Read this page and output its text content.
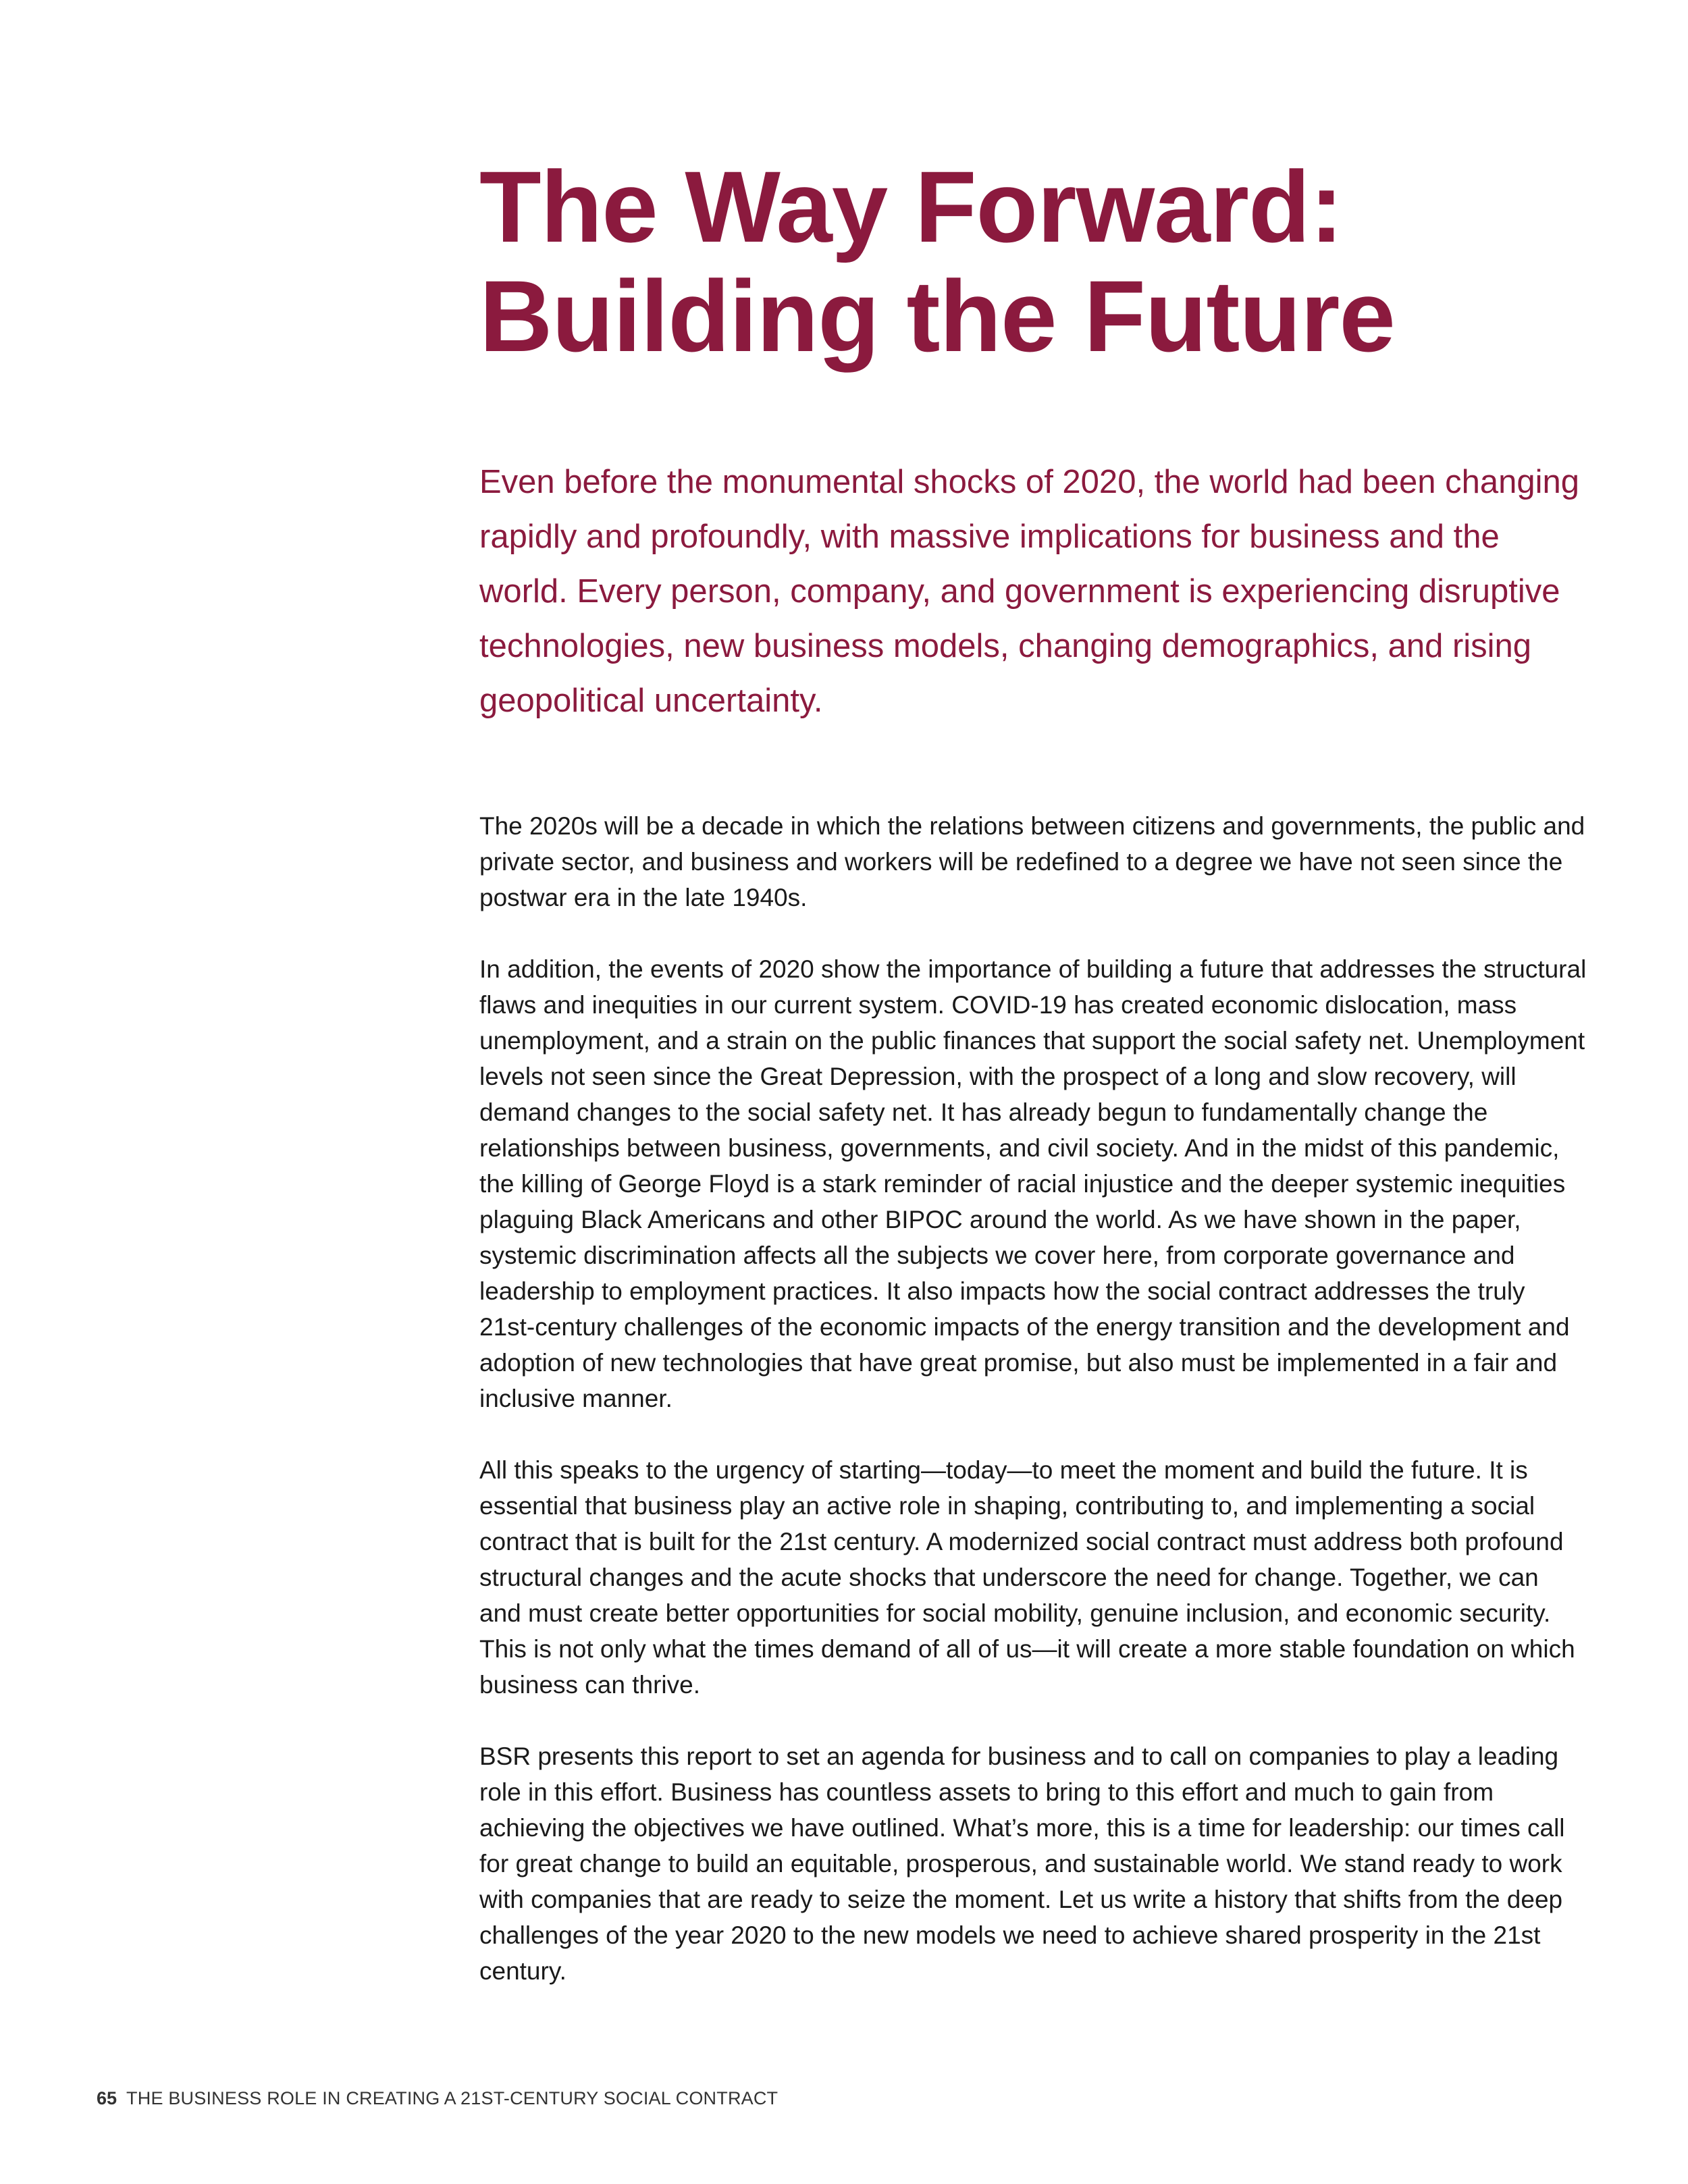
The Way Forward:
Building the Future

Even before the monumental shocks of 2020, the world had been changing rapidly and profoundly, with massive implications for business and the world. Every person, company, and government is experiencing disruptive technologies, new business models, changing demographics, and rising geopolitical uncertainty.

The 2020s will be a decade in which the relations between citizens and governments, the public and private sector, and business and workers will be redefined to a degree we have not seen since the postwar era in the late 1940s.

In addition, the events of 2020 show the importance of building a future that addresses the structural flaws and inequities in our current system. COVID-19 has created economic dislocation, mass unemployment, and a strain on the public finances that support the social safety net. Unemployment levels not seen since the Great Depression, with the prospect of a long and slow recovery, will demand changes to the social safety net. It has already begun to fundamentally change the relationships between business, governments, and civil society. And in the midst of this pandemic, the killing of George Floyd is a stark reminder of racial injustice and the deeper systemic inequities plaguing Black Americans and other BIPOC around the world. As we have shown in the paper, systemic discrimination affects all the subjects we cover here, from corporate governance and leadership to employment practices. It also impacts how the social contract addresses the truly 21st-century challenges of the economic impacts of the energy transition and the development and adoption of new technologies that have great promise, but also must be implemented in a fair and inclusive manner.

All this speaks to the urgency of starting—today—to meet the moment and build the future. It is essential that business play an active role in shaping, contributing to, and implementing a social contract that is built for the 21st century. A modernized social contract must address both profound structural changes and the acute shocks that underscore the need for change. Together, we can and must create better opportunities for social mobility, genuine inclusion, and economic security. This is not only what the times demand of all of us—it will create a more stable foundation on which business can thrive.

BSR presents this report to set an agenda for business and to call on companies to play a leading role in this effort. Business has countless assets to bring to this effort and much to gain from achieving the objectives we have outlined. What’s more, this is a time for leadership: our times call for great change to build an equitable, prosperous, and sustainable world. We stand ready to work with companies that are ready to seize the moment. Let us write a history that shifts from the deep challenges of the year 2020 to the new models we need to achieve shared prosperity in the 21st century.

65 THE BUSINESS ROLE IN CREATING A 21ST-CENTURY SOCIAL CONTRACT
